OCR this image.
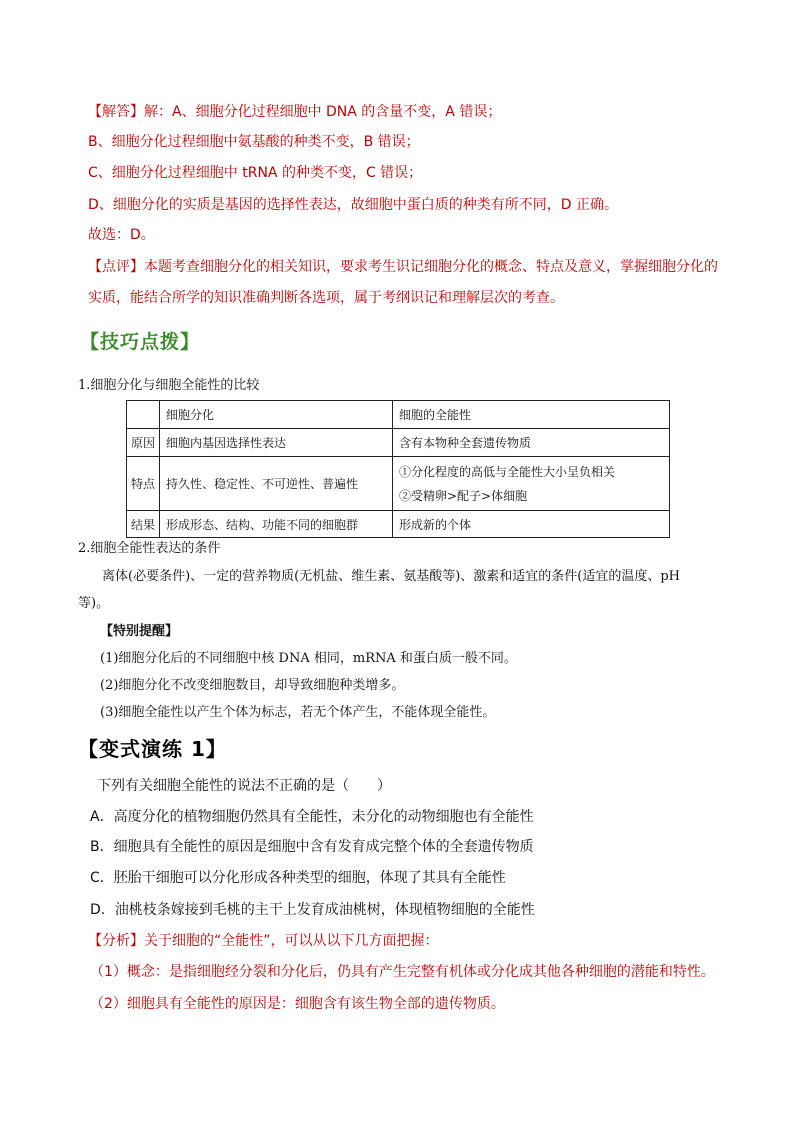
【解答】解：A、细胞分化过程细胞中 DNA 的含量不变，A 错误；
B、细胞分化过程细胞中氨基酸的种类不变，B 错误；
C、细胞分化过程细胞中 tRNA 的种类不变，C 错误；
D、细胞分化的实质是基因的选择性表达，故细胞中蛋白质的种类有所不同，D 正确。
故选：D。
【点评】本题考查细胞分化的相关知识，要求考生识记细胞分化的概念、特点及意义，掌握细胞分化的
实质，能结合所学的知识准确判断各选项，属于考纲识记和理解层次的考查。
【技巧点拨】
1.细胞分化与细胞全能性的比较
	细胞分化	细胞的全能性
原因	细胞内基因选择性表达	含有本物种全套遗传物质
特点	持久性、稳定性、不可逆性、普遍性	①分化程度的高低与全能性大小呈负相关
②受精卵>配子>体细胞

结果	形成形态、结构、功能不同的细胞群	形成新的个体
2.细胞全能性表达的条件
离体(必要条件)、一定的营养物质(无机盐、维生素、氨基酸等)、激素和适宜的条件(适宜的温度、pH
等)。
【特别提醒】
(1)细胞分化后的不同细胞中核 DNA 相同，mRNA 和蛋白质一般不同。
(2)细胞分化不改变细胞数目，却导致细胞种类增多。
(3)细胞全能性以产生个体为标志，若无个体产生，不能体现全能性。
【变式演练 1】
下列有关细胞全能性的说法不正确的是（　　）
A．高度分化的植物细胞仍然具有全能性，未分化的动物细胞也有全能性
B．细胞具有全能性的原因是细胞中含有发育成完整个体的全套遗传物质
C．胚胎干细胞可以分化形成各种类型的细胞，体现了其具有全能性
D．油桃枝条嫁接到毛桃的主干上发育成油桃树，体现植物细胞的全能性
【分析】关于细胞的“全能性”，可以从以下几方面把握：
（1）概念：是指细胞经分裂和分化后，仍具有产生完整有机体或分化成其他各种细胞的潜能和特性。
（2）细胞具有全能性的原因是：细胞含有该生物全部的遗传物质。
